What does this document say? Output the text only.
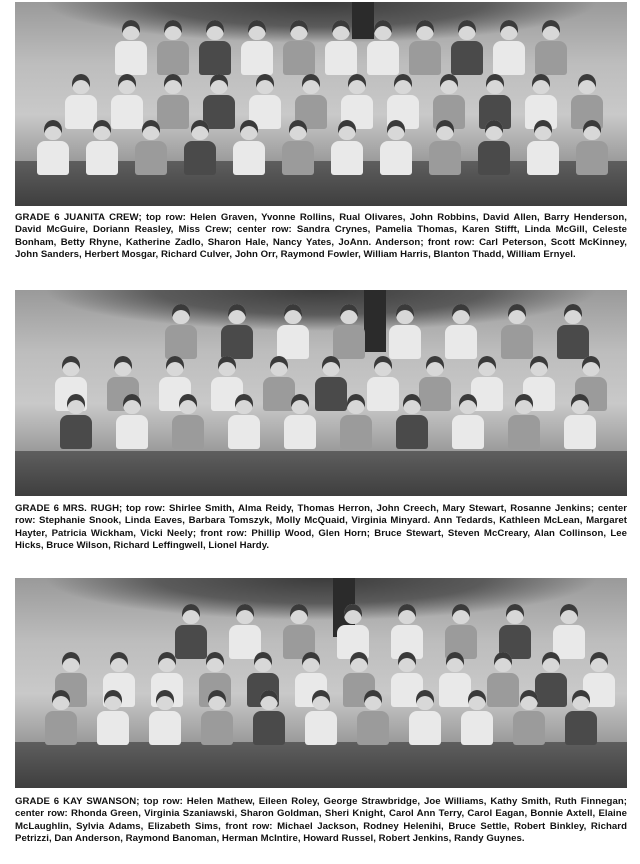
GRADE 6 JUANITA CREW; top row: Helen Graven, Yvonne Rollins, Rual Olivares, John Robbins, David Allen, Barry Henderson, David McGuire, Doriann Reasley, Miss Crew; center row: Sandra Crynes, Pamelia Thomas, Karen Stifft, Linda McGill, Celeste Bonham, Betty Rhyne, Katherine Zadlo, Sharon Hale, Nancy Yates, JoAnn. Anderson; front row: Carl Peterson, Scott McKinney, John Sanders, Herbert Mosgar, Richard Culver, John Orr, Raymond Fowler, William Harris, Blanton Thadd, William Ernyel.
GRADE 6 MRS. RUGH; top row: Shirlee Smith, Alma Reidy, Thomas Herron, John Creech, Mary Stewart, Rosanne Jenkins; center row: Stephanie Snook, Linda Eaves, Barbara Tomszyk, Molly McQuaid, Virginia Minyard. Ann Tedards, Kathleen McLean, Margaret Hayter, Patricia Wickham, Vicki Neely; front row: Phillip Wood, Glen Horn; Bruce Stewart, Steven McCreary, Alan Collinson, Lee Hicks, Bruce Wilson, Richard Leffingwell, Lionel Hardy.
GRADE 6 KAY SWANSON; top row: Helen Mathew, Eileen Roley, George Strawbridge, Joe Williams, Kathy Smith, Ruth Finnegan; center row: Rhonda Green, Virginia Szaniawski, Sharon Goldman, Sheri Knight, Carol Ann Terry, Carol Eagan, Bonnie Axtell, Elaine McLaughlin, Sylvia Adams, Elizabeth Sims, front row: Michael Jackson, Rodney Helenihi, Bruce Settle, Robert Binkley, Richard Petrizzi, Dan Anderson, Raymond Banoman, Herman McIntire, Howard Russel, Robert Jenkins, Randy Guynes.
